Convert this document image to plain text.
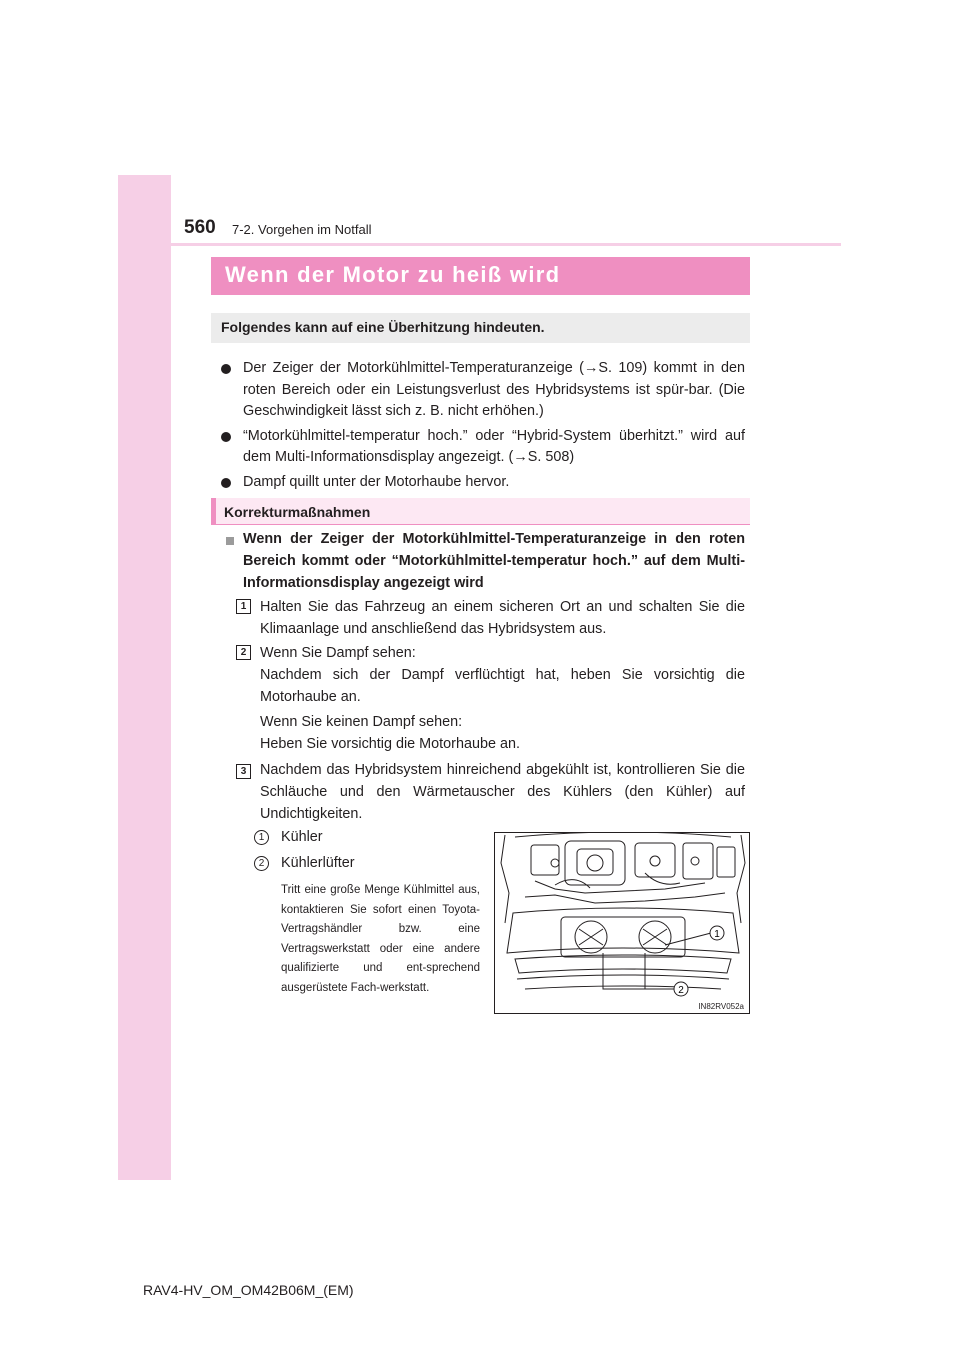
560 7-2. Vorgehen im Notfall
Wenn der Motor zu heiß wird
Folgendes kann auf eine Überhitzung hindeuten.
Der Zeiger der Motorkühlmittel-Temperaturanzeige (→S. 109) kommt in den roten Bereich oder ein Leistungsverlust des Hybridsystems ist spür-bar. (Die Geschwindigkeit lässt sich z. B. nicht erhöhen.)
“Motorkühlmittel-temperatur hoch.” oder “Hybrid-System überhitzt.” wird auf dem Multi-Informationsdisplay angezeigt. (→S. 508)
Dampf quillt unter der Motorhaube hervor.
Korrekturmaßnahmen
Wenn der Zeiger der Motorkühlmittel-Temperaturanzeige in den roten Bereich kommt oder “Motorkühlmittel-temperatur hoch.” auf dem Multi-Informationsdisplay angezeigt wird
1 Halten Sie das Fahrzeug an einem sicheren Ort an und schalten Sie die Klimaanlage und anschließend das Hybridsystem aus.

2 Wenn Sie Dampf sehen:

Nachdem sich der Dampf verflüchtigt hat, heben Sie vorsichtig die Motorhaube an.

Wenn Sie keinen Dampf sehen:

Heben Sie vorsichtig die Motorhaube an.

3 Nachdem das Hybridsystem hinreichend abgekühlt ist, kontrollieren Sie die Schläuche und den Wärmetauscher des Kühlers (den Kühler) auf Undichtigkeiten.

1	Kühler
2	Kühlerlüfter
Tritt eine große Menge Kühlmittel aus, kontaktieren Sie sofort einen Toyota-Vertragshändler bzw. eine Vertragswerkstatt oder eine andere qualifizierte und ent-sprechend ausgerüstete Fach-werkstatt.
1
2
IN82RV052a
RAV4-HV_OM_OM42B06M_(EM)
